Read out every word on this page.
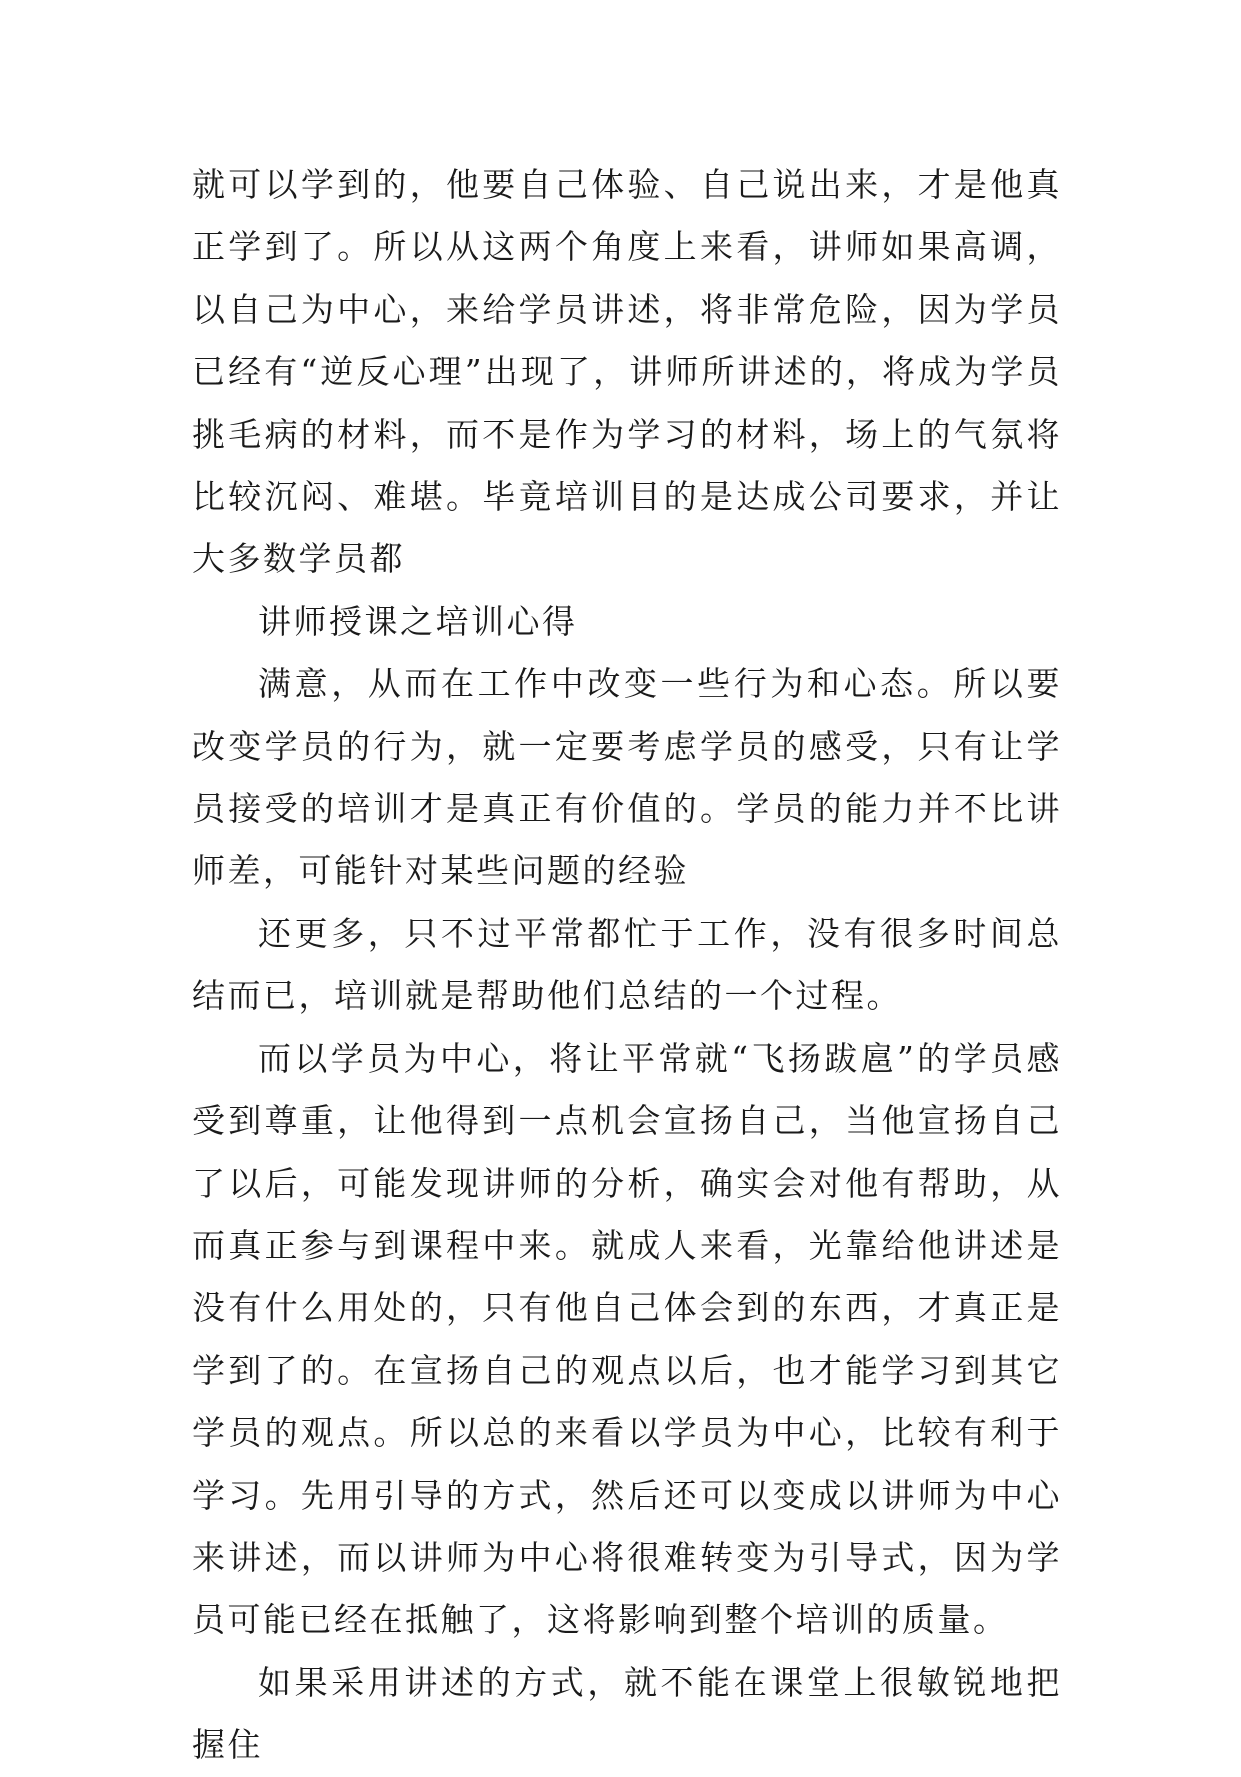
就可以学到的，他要自己体验、自己说出来，才是他真正学到了。所以从这两个角度上来看，讲师如果高调，以自己为中心，来给学员讲述，将非常危险，因为学员已经有“逆反心理”出现了，讲师所讲述的，将成为学员挑毛病的材料，而不是作为学习的材料，场上的气氛将比较沉闷、难堪。毕竟培训目的是达成公司要求，并让大多数学员都

讲师授课之培训心得

满意，从而在工作中改变一些行为和心态。所以要改变学员的行为，就一定要考虑学员的感受，只有让学员接受的培训才是真正有价值的。学员的能力并不比讲师差，可能针对某些问题的经验

还更多，只不过平常都忙于工作，没有很多时间总结而已，培训就是帮助他们总结的一个过程。

而以学员为中心，将让平常就“飞扬跋扈”的学员感受到尊重，让他得到一点机会宣扬自己，当他宣扬自己了以后，可能发现讲师的分析，确实会对他有帮助，从而真正参与到课程中来。就成人来看，光靠给他讲述是没有什么用处的，只有他自己体会到的东西，才真正是学到了的。在宣扬自己的观点以后，也才能学习到其它学员的观点。所以总的来看以学员为中心，比较有利于学习。先用引导的方式，然后还可以变成以讲师为中心来讲述，而以讲师为中心将很难转变为引导式，因为学员可能已经在抵触了，这将影响到整个培训的质量。

如果采用讲述的方式，就不能在课堂上很敏锐地把握住
